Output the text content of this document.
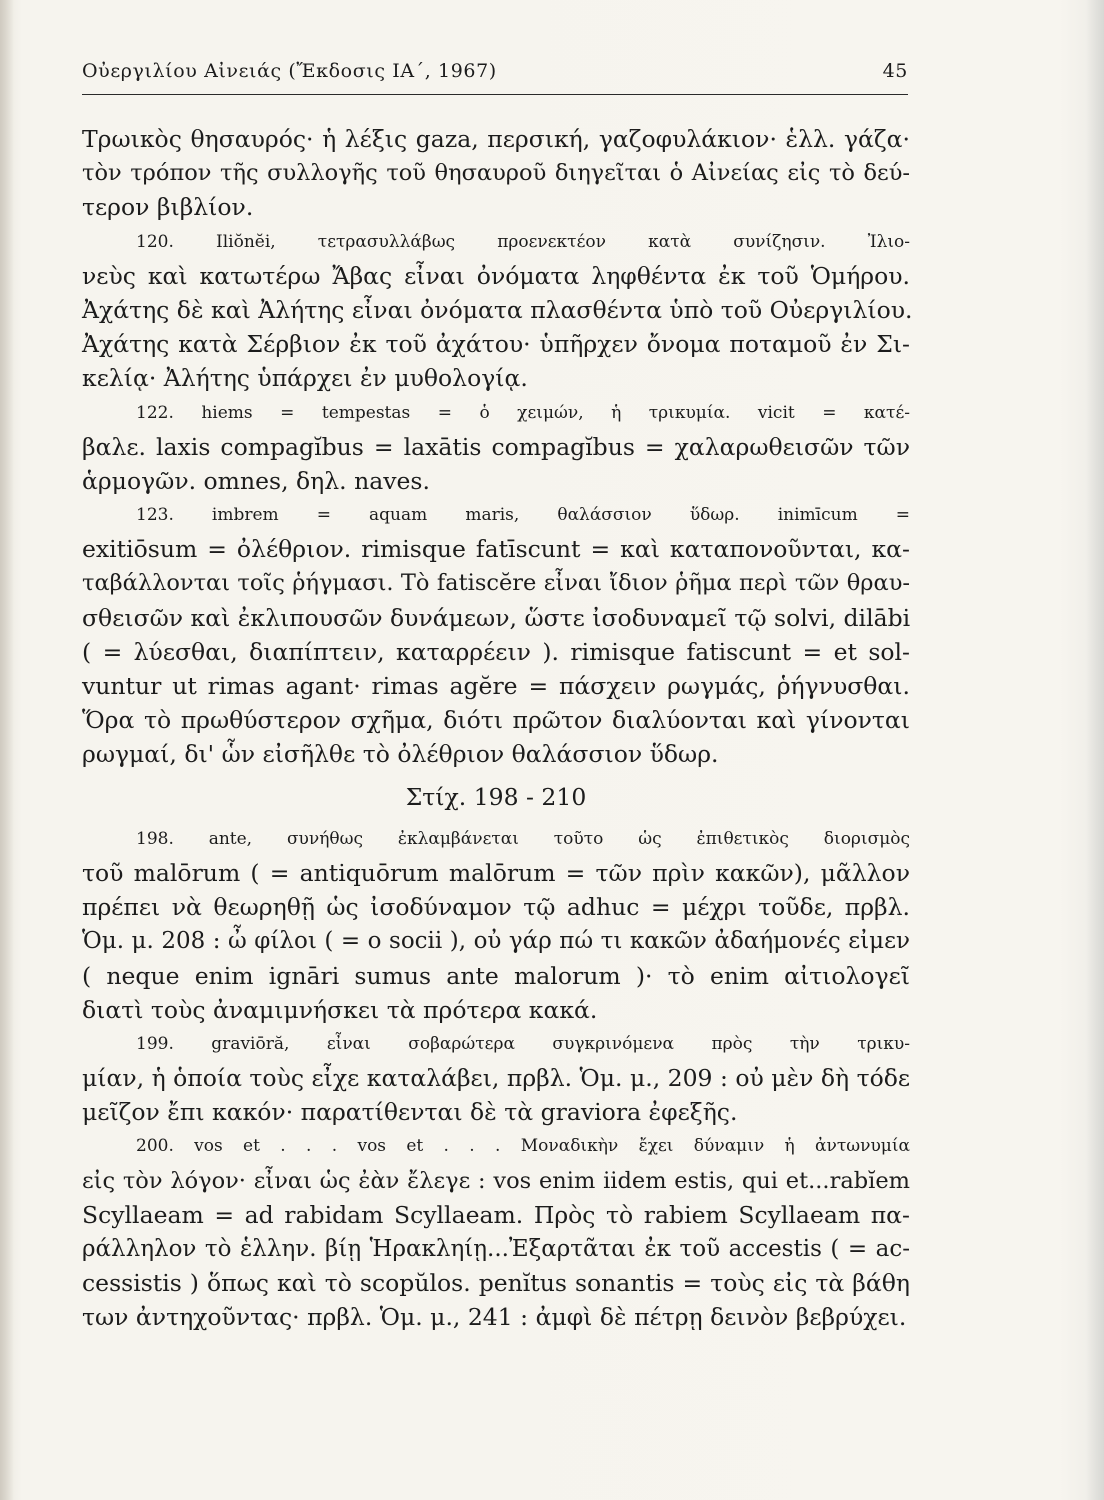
Οὐεργιλίου Αἰνειάς (Ἔκδοσις ΙΑ΄, 1967)	45
Τρωικὸς θησαυρός· ἡ λέξις gaza, περσική, γαζοφυλάκιον· ἑλλ. γάζα·
τὸν τρόπον τῆς συλλογῆς τοῦ θησαυροῦ διηγεῖται ὁ Αἰνείας εἰς τὸ δεύ-
τερον βιβλίον.
120. Iliŏnĕi, τετρασυλλάβως προενεκτέον κατὰ συνίζησιν. Ἰλιο-
νεὺς καὶ κατωτέρω Ἄβας εἶναι ὀνόματα ληφθέντα ἐκ τοῦ Ὁμήρου.
Ἀχάτης δὲ καὶ Ἀλήτης εἶναι ὀνόματα πλασθέντα ὑπὸ τοῦ Οὐεργιλίου.
Ἀχάτης κατὰ Σέρβιον ἐκ τοῦ ἀχάτου· ὑπῆρχεν ὄνομα ποταμοῦ ἐν Σι-
κελίᾳ· Ἀλήτης ὑπάρχει ἐν μυθολογίᾳ.
122. hiems = tempestas = ὁ χειμών, ἡ τρικυμία. vicit = κατέ-
βαλε. laxis compagĭbus = laxātis compagĭbus = χαλαρωθεισῶν τῶν
ἁρμογῶν. omnes, δηλ. naves.
123. imbrem = aquam maris, θαλάσσιον ὕδωρ. inimīcum =
exitiōsum = ὀλέθριον. rimisque fatīscunt = καὶ καταπονοῦνται, κα-
ταβάλλονται τοῖς ῥήγμασι. Τὸ fatiscĕre εἶναι ἴδιον ῥῆμα περὶ τῶν θραυ-
σθεισῶν καὶ ἐκλιπουσῶν δυνάμεων, ὥστε ἰσοδυναμεῖ τῷ solvi, dilābi
( = λύεσθαι, διαπίπτειν, καταρρέειν ). rimisque fatiscunt = et sol-
vuntur ut rimas agant· rimas agĕre = πάσχειν ρωγμάς, ῥήγνυσθαι.
Ὅρα τὸ πρωθύστερον σχῆμα, διότι πρῶτον διαλύονται καὶ γίνονται
ρωγμαί, δι' ὧν εἰσῆλθε τὸ ὀλέθριον θαλάσσιον ὕδωρ.
Στίχ. 198 - 210
198. ante, συνήθως ἐκλαμβάνεται τοῦτο ὡς ἐπιθετικὸς διορισμὸς
τοῦ malōrum ( = antiquōrum malōrum = τῶν πρὶν κακῶν), μᾶλλον
πρέπει νὰ θεωρηθῇ ὡς ἰσοδύναμον τῷ adhuc = μέχρι τοῦδε, πρβλ.
Ὁμ. μ. 208 : ὦ φίλοι ( = o socii ), οὐ γάρ πώ τι κακῶν ἀδαήμονές εἰμεν
( neque enim ignāri sumus ante malorum )· τὸ enim αἰτιολογεῖ
διατὶ τοὺς ἀναμιμνήσκει τὰ πρότερα κακά.
199. graviōră, εἶναι σοβαρώτερα συγκρινόμενα πρὸς τὴν τρικυ-
μίαν, ἡ ὁποία τοὺς εἶχε καταλάβει, πρβλ. Ὁμ. μ., 209 : οὐ μὲν δὴ τόδε
μεῖζον ἔπι κακόν· παρατίθενται δὲ τὰ graviora ἐφεξῆς.
200. vos et . . . vos et . . . Μοναδικὴν ἔχει δύναμιν ἡ ἀντωνυμία
εἰς τὸν λόγον· εἶναι ὡς ἐὰν ἔλεγε : vos enim iidem estis, qui et...rabĭem
Scyllaeam = ad rabidam Scyllaeam. Πρὸς τὸ rabiem Scyllaeam πα-
ράλληλον τὸ ἑλλην. βίῃ Ἡρακληίῃ...Ἐξαρτᾶται ἐκ τοῦ accestis ( = ac-
cessistis ) ὅπως καὶ τὸ scopŭlos. penĭtus sonantis = τοὺς εἰς τὰ βάθη
των ἀντηχοῦντας· πρβλ. Ὁμ. μ., 241 : ἀμφὶ δὲ πέτρῃ δεινὸν βεβρύχει.
